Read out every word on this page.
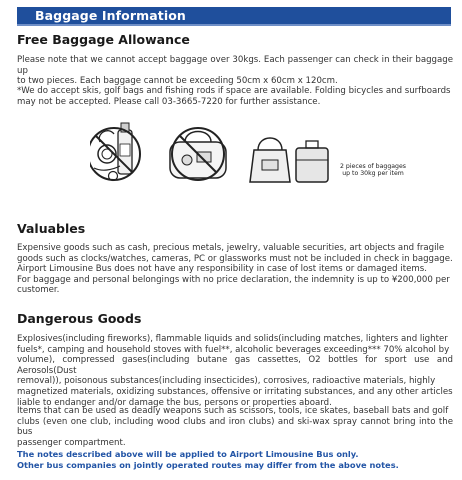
Baggage Information
Free Baggage Allowance
Please note that we cannot accept baggage over 30kgs. Each passenger can check in their baggage up
to two pieces. Each baggage cannot be exceeding 50cm x 60cm x 120cm.
*We do accept skis, golf bags and fishing rods if space are available. Folding bicycles and surfboards
may not be accepted. Please call 03-3665-7220 for further assistance.
2 pieces of baggages
up to 30kg per item
Valuables
Expensive goods such as cash, precious metals, jewelry, valuable securities, art objects and fragile
goods such as clocks/watches, cameras, PC or glassworks must not be included in check in baggage.
Airport Limousine Bus does not have any responsibility in case of lost items or damaged items.
For baggage and personal belongings with no price declaration, the indemnity is up to ¥200,000 per
customer.
Dangerous Goods
Explosives(including fireworks), flammable liquids and solids(including matches, lighters and lighter
fuels*, camping and household stoves with fuel**, alcoholic beverages exceeding*** 70% alcohol by
volume), compressed gases(including butane gas cassettes, O2 bottles for sport use and Aerosols(Dust
removal)), poisonous substances(including insecticides), corrosives, radioactive materials, highly
magnetized materials, oxidizing substances, offensive or irritating substances, and any other articles
liable to endanger and/or damage the bus, persons or properties aboard.
Items that can be used as deadly weapons such as scissors, tools, ice skates, baseball bats and golf
clubs (even one club, including wood clubs and iron clubs) and ski-wax spray cannot bring into the bus
passenger compartment.
The notes described above will be applied to Airport Limousine Bus only.
Other bus companies on jointly operated routes may differ from the above notes.
